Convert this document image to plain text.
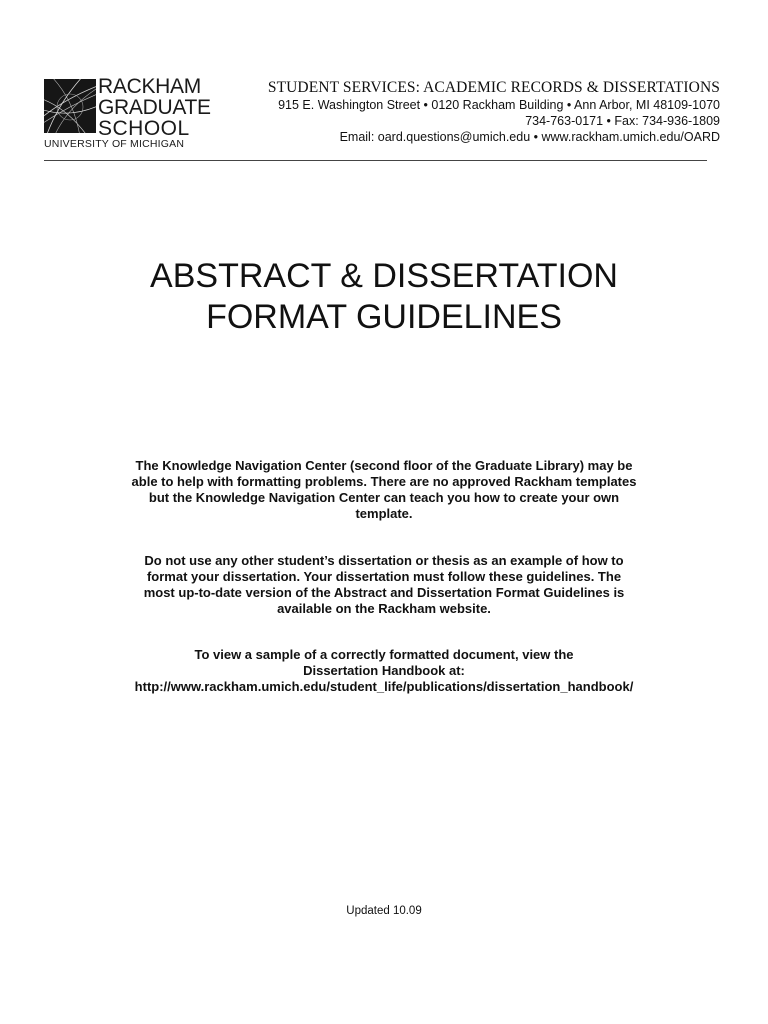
RACKHAM
GRADUATE
SCHOOL
UNIVERSITY OF MICHIGAN
STUDENT SERVICES: ACADEMIC RECORDS & DISSERTATIONS
915 E. Washington Street • 0120 Rackham Building • Ann Arbor, MI 48109-1070
734-763-0171 • Fax: 734-936-1809
Email: oard.questions@umich.edu • www.rackham.umich.edu/OARD
ABSTRACT & DISSERTATION
FORMAT GUIDELINES
The Knowledge Navigation Center (second floor of the Graduate Library) may be
able to help with formatting problems. There are no approved Rackham templates
but the Knowledge Navigation Center can teach you how to create your own
template.
Do not use any other student’s dissertation or thesis as an example of how to
format your dissertation. Your dissertation must follow these guidelines. The
most up-to-date version of the Abstract and Dissertation Format Guidelines is
available on the Rackham website.
To view a sample of a correctly formatted document, view the
Dissertation Handbook at:
http://www.rackham.umich.edu/student_life/publications/dissertation_handbook/
Updated 10.09
